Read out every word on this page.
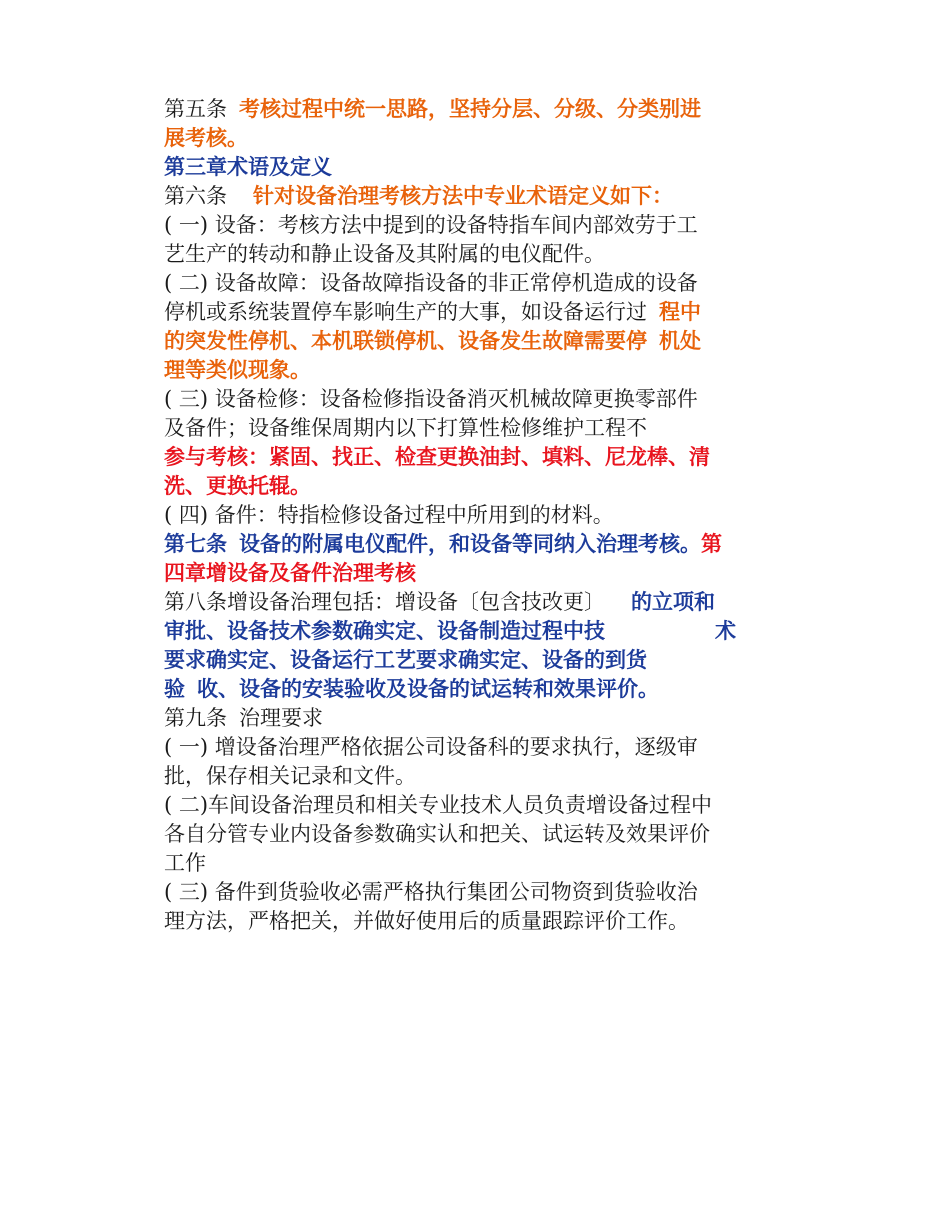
第五条 考核过程中统一思路，坚持分层、分级、分类别进
展考核。
第三章术语及定义
第六条 针对设备治理考核方法中专业术语定义如下：
( 一) 设备：考核方法中提到的设备特指车间内部效劳于工
艺生产的转动和静止设备及其附属的电仪配件。
( 二) 设备故障：设备故障指设备的非正常停机造成的设备
停机或系统装置停车影响生产的大事，如设备运行过 程中
的突发性停机、本机联锁停机、设备发生故障需要停 机处
理等类似现象。
( 三) 设备检修：设备检修指设备消灭机械故障更换零部件
及备件；设备维保周期内以下打算性检修维护工程不
参与考核：紧固、找正、检查更换油封、填料、尼龙棒、清
洗、更换托辊。
( 四) 备件：特指检修设备过程中所用到的材料。
第七条 设备的附属电仪配件，和设备等同纳入治理考核。第
四章增设备及备件治理考核
第八条增设备治理包括：增设备〔包含技改更〕 的立项和
审批、设备技术参数确实定、设备制造过程中技	术
要求确实定、设备运行工艺要求确实定、设备的到货
验 收、设备的安装验收及设备的试运转和效果评价。
第九条 治理要求
( 一) 增设备治理严格依据公司设备科的要求执行，逐级审
批，保存相关记录和文件。
( 二)车间设备治理员和相关专业技术人员负责增设备过程中
各自分管专业内设备参数确实认和把关、试运转及效果评价
工作
( 三) 备件到货验收必需严格执行集团公司物资到货验收治
理方法，严格把关，并做好使用后的质量跟踪评价工作。
